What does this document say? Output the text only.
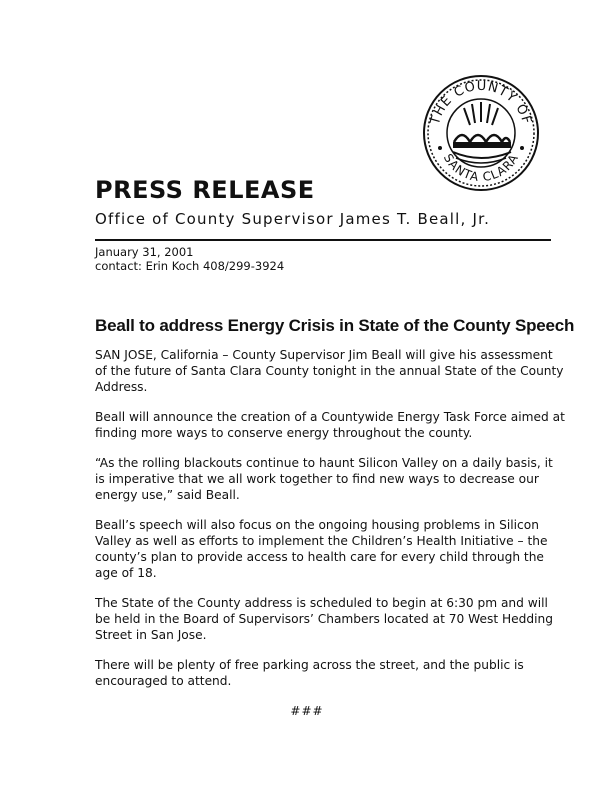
THE COUNTY OF
SANTA CLARA
PRESS RELEASE
Office of County Supervisor James T. Beall, Jr.
January 31, 2001
contact: Erin Koch 408/299-3924
Beall to address Energy Crisis in State of the County Speech

SAN JOSE, California – County Supervisor Jim Beall will give his assessment of the future of Santa Clara County tonight in the annual State of the County Address.

Beall will announce the creation of a Countywide Energy Task Force aimed at finding more ways to conserve energy throughout the county.

“As the rolling blackouts continue to haunt Silicon Valley on a daily basis, it is imperative that we all work together to find new ways to decrease our energy use,” said Beall.

Beall’s speech will also focus on the ongoing housing problems in Silicon Valley as well as efforts to implement the Children’s Health Initiative – the county’s plan to provide access to health care for every child through the age of 18.

The State of the County address is scheduled to begin at 6:30 pm and will be held in the Board of Supervisors’ Chambers located at 70 West Hedding Street in San Jose.

There will be plenty of free parking across the street, and the public is encouraged to attend.

###
